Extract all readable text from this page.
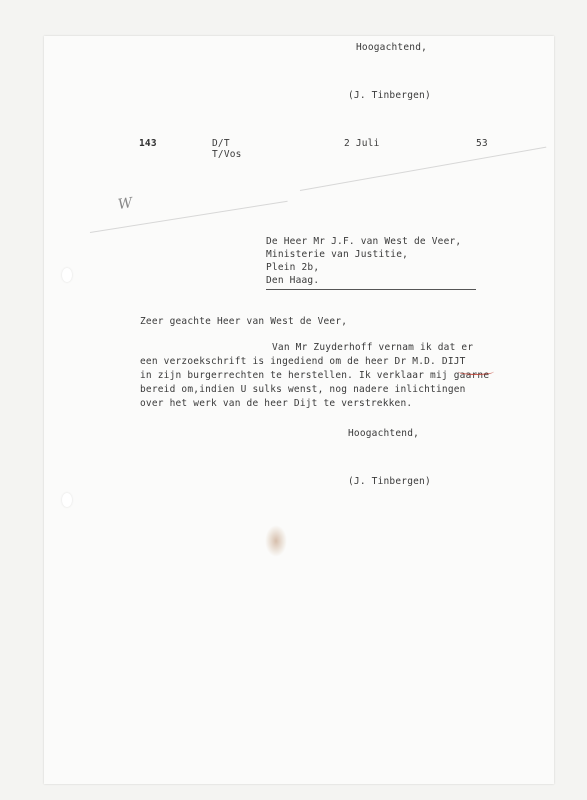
Hoogachtend,

(J. Tinbergen)

143	D/T

T/Vos

2 Juli	53

W

De Heer Mr J.F. van West de Veer,

Ministerie van Justitie,

Plein 2b,

Den Haag.

Zeer geachte Heer van West de Veer,

Van Mr Zuyderhoff vernam ik dat er

een verzoekschrift is ingediend om de heer Dr M.D. DIJT

in zijn burgerrechten te herstellen. Ik verklaar mij gaarne

bereid om,indien U sulks wenst, nog nadere inlichtingen

over het werk van de heer Dijt te verstrekken.

Hoogachtend,

(J. Tinbergen)
